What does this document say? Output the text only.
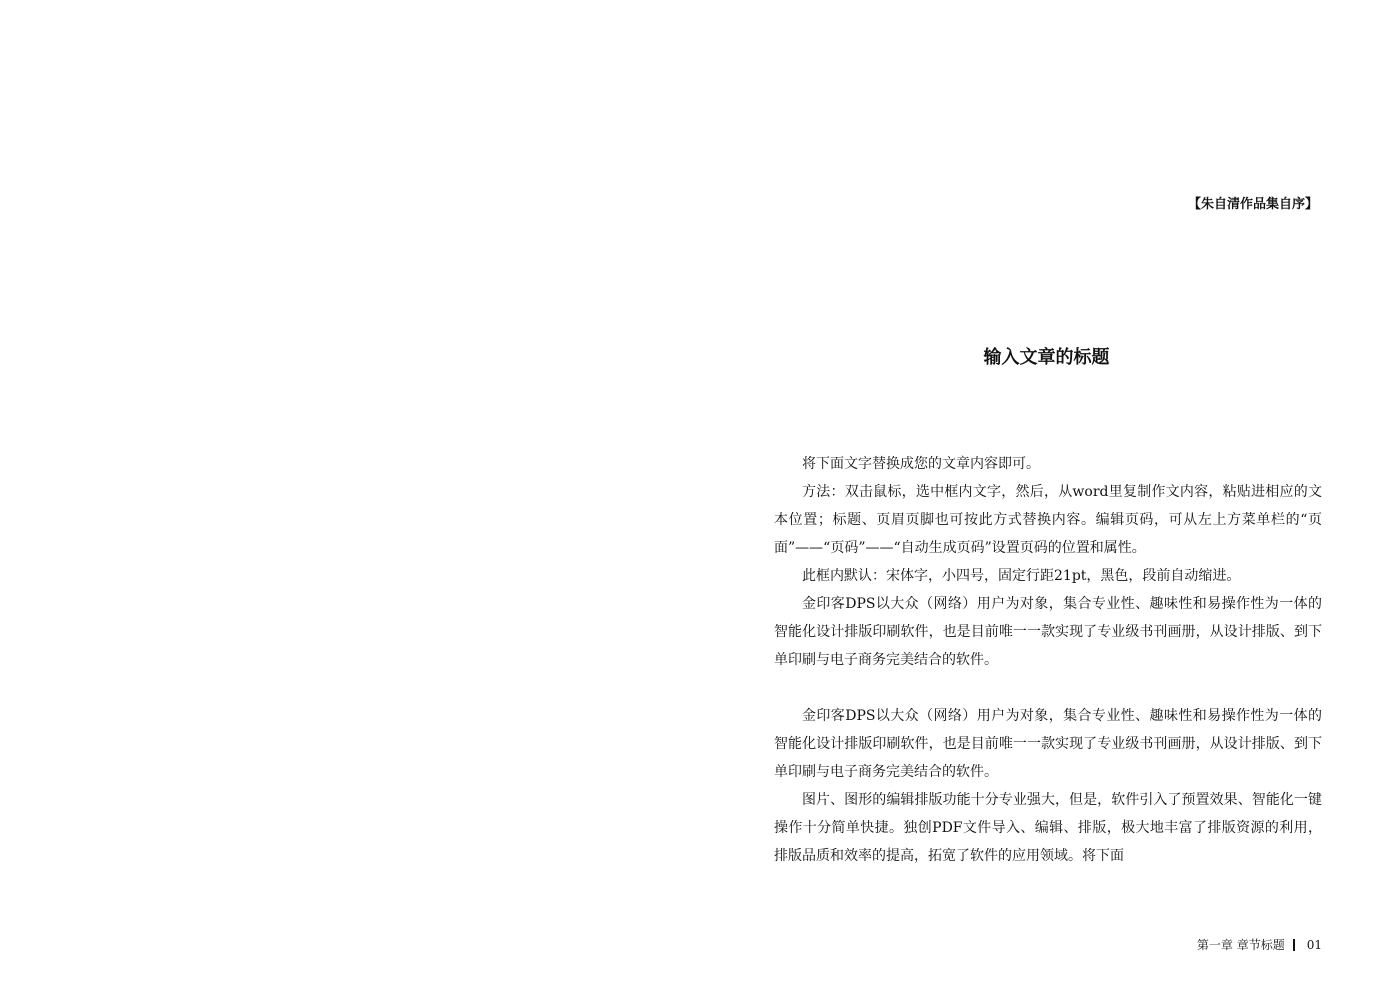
【朱自清作品集自序】
输入文章的标题

将下面文字替换成您的文章内容即可。

方法：双击鼠标，选中框内文字，然后，从word里复制作文内容，粘贴进相应的文本位置；标题、页眉页脚也可按此方式替换内容。编辑页码，可从左上方菜单栏的“页面”——“页码”——“自动生成页码”设置页码的位置和属性。

此框内默认：宋体字，小四号，固定行距21pt，黑色，段前自动缩进。

金印客DPS以大众（网络）用户为对象，集合专业性、趣味性和易操作性为一体的智能化设计排版印刷软件，也是目前唯一一款实现了专业级书刊画册，从设计排版、到下单印刷与电子商务完美结合的软件。

金印客DPS以大众（网络）用户为对象，集合专业性、趣味性和易操作性为一体的智能化设计排版印刷软件，也是目前唯一一款实现了专业级书刊画册，从设计排版、到下单印刷与电子商务完美结合的软件。

图片、图形的编辑排版功能十分专业强大，但是，软件引入了预置效果、智能化一键操作十分简单快捷。独创PDF文件导入、编辑、排版，极大地丰富了排版资源的利用，排版品质和效率的提高，拓宽了软件的应用领域。将下面

第一章 章节标题 01
